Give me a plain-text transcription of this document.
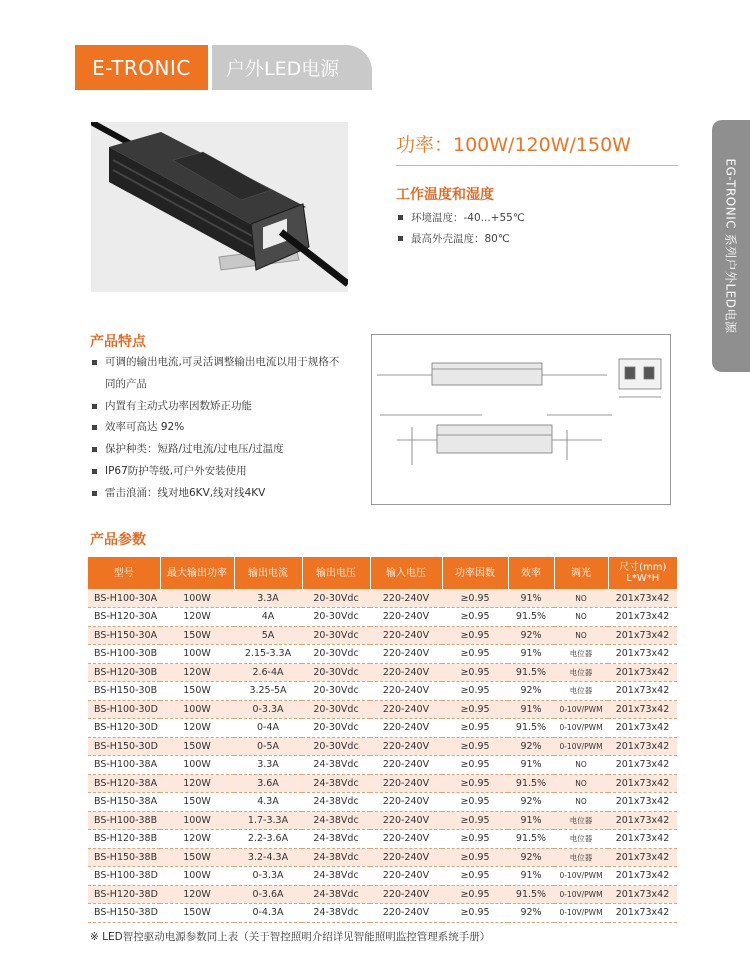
E-TRONIC	户外LED电源
EG-TRONIC 系列户外LED电源
功率：100W/120W/150W
工作温度和湿度
环境温度：-40...+55℃
最高外壳温度：80℃
产品特点
可调的输出电流,可灵活调整输出电流以用于规格不同的产品
内置有主动式功率因数矫正功能
效率可高达 92%
保护种类：短路/过电流/过电压/过温度
IP67防护等级,可户外安装使用
雷击浪涌：线对地6KV,线对线4KV
产品参数
型号	最大输出功率	输出电流	输出电压	输入电压	功率因数	效率	调光	尺寸(mm) L*W*H
BS-H100-30A	100W	3.3A	20-30Vdc	220-240V	≥0.95	91%	NO	201x73x42
BS-H120-30A	120W	4A	20-30Vdc	220-240V	≥0.95	91.5%	NO	201x73x42
BS-H150-30A	150W	5A	20-30Vdc	220-240V	≥0.95	92%	NO	201x73x42
BS-H100-30B	100W	2.15-3.3A	20-30Vdc	220-240V	≥0.95	91%	电位器	201x73x42
BS-H120-30B	120W	2.6-4A	20-30Vdc	220-240V	≥0.95	91.5%	电位器	201x73x42
BS-H150-30B	150W	3.25-5A	20-30Vdc	220-240V	≥0.95	92%	电位器	201x73x42
BS-H100-30D	100W	0-3.3A	20-30Vdc	220-240V	≥0.95	91%	0-10V/PWM	201x73x42
BS-H120-30D	120W	0-4A	20-30Vdc	220-240V	≥0.95	91.5%	0-10V/PWM	201x73x42
BS-H150-30D	150W	0-5A	20-30Vdc	220-240V	≥0.95	92%	0-10V/PWM	201x73x42
BS-H100-38A	100W	3.3A	24-38Vdc	220-240V	≥0.95	91%	NO	201x73x42
BS-H120-38A	120W	3.6A	24-38Vdc	220-240V	≥0.95	91.5%	NO	201x73x42
BS-H150-38A	150W	4.3A	24-38Vdc	220-240V	≥0.95	92%	NO	201x73x42
BS-H100-38B	100W	1.7-3.3A	24-38Vdc	220-240V	≥0.95	91%	电位器	201x73x42
BS-H120-38B	120W	2.2-3.6A	24-38Vdc	220-240V	≥0.95	91.5%	电位器	201x73x42
BS-H150-38B	150W	3.2-4.3A	24-38Vdc	220-240V	≥0.95	92%	电位器	201x73x42
BS-H100-38D	100W	0-3.3A	24-38Vdc	220-240V	≥0.95	91%	0-10V/PWM	201x73x42
BS-H120-38D	120W	0-3.6A	24-38Vdc	220-240V	≥0.95	91.5%	0-10V/PWM	201x73x42
BS-H150-38D	150W	0-4.3A	24-38Vdc	220-240V	≥0.95	92%	0-10V/PWM	201x73x42
※ LED智控驱动电源参数同上表（关于智控照明介绍详见智能照明监控管理系统手册）
